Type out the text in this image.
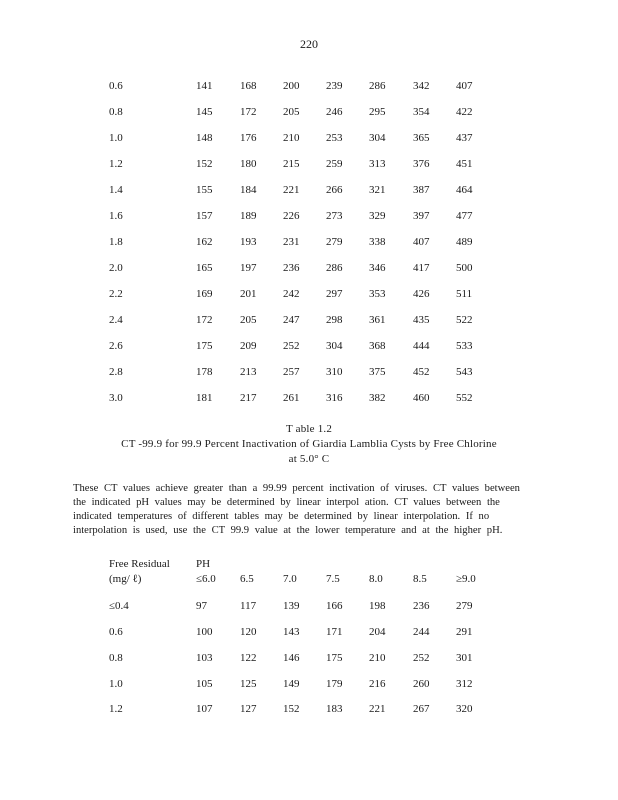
220
0.6	141	168 200 239 286	342 407
0.8	145	172 205 246 295	354 422
1.0	148	176 210 253 304	365 437
1.2	152	180 215 259 313	376 451
1.4	155	184 221 266 321	387 464
1.6	157	189 226 273 329	397 477
1.8	162	193 231 279 338	407 489
2.0	165	197 236 286 346	417 500
2.2	169	201 242 297 353	426 511
2.4	172	205 247 298 361	435 522
2.6	175	209 252 304 368	444 533
2.8	178	213 257 310 375	452 543
3.0	181	217 261 316 382	460 552
T able 1.2
CT -99.9 for 99.9 Percent Inactivation of Giardia Lamblia Cysts by Free Chlorine
at 5.0° C
These CT values achieve greater than a 99.99 percent inctivation of viruses. CT values between
the indicated pH values may be determined by linear interpol ation. CT values between the
indicated temperatures of different tables may be determined by linear interpolation. If no
interpolation is used, use the CT 99.9 value at the lower temperature and at the higher pH.
Free Residual
(mg/ ℓ)
PH
≤6.0 6.5	7.0	7.5	8.0	8.5	≥9.0
≤0.4	97	117 139 166 198	236 279
0.6	100	120 143 171 204	244 291
0.8	103	122 146 175 210	252 301
1.0	105	125 149 179 216	260 312
1.2	107	127 152 183 221	267 320
